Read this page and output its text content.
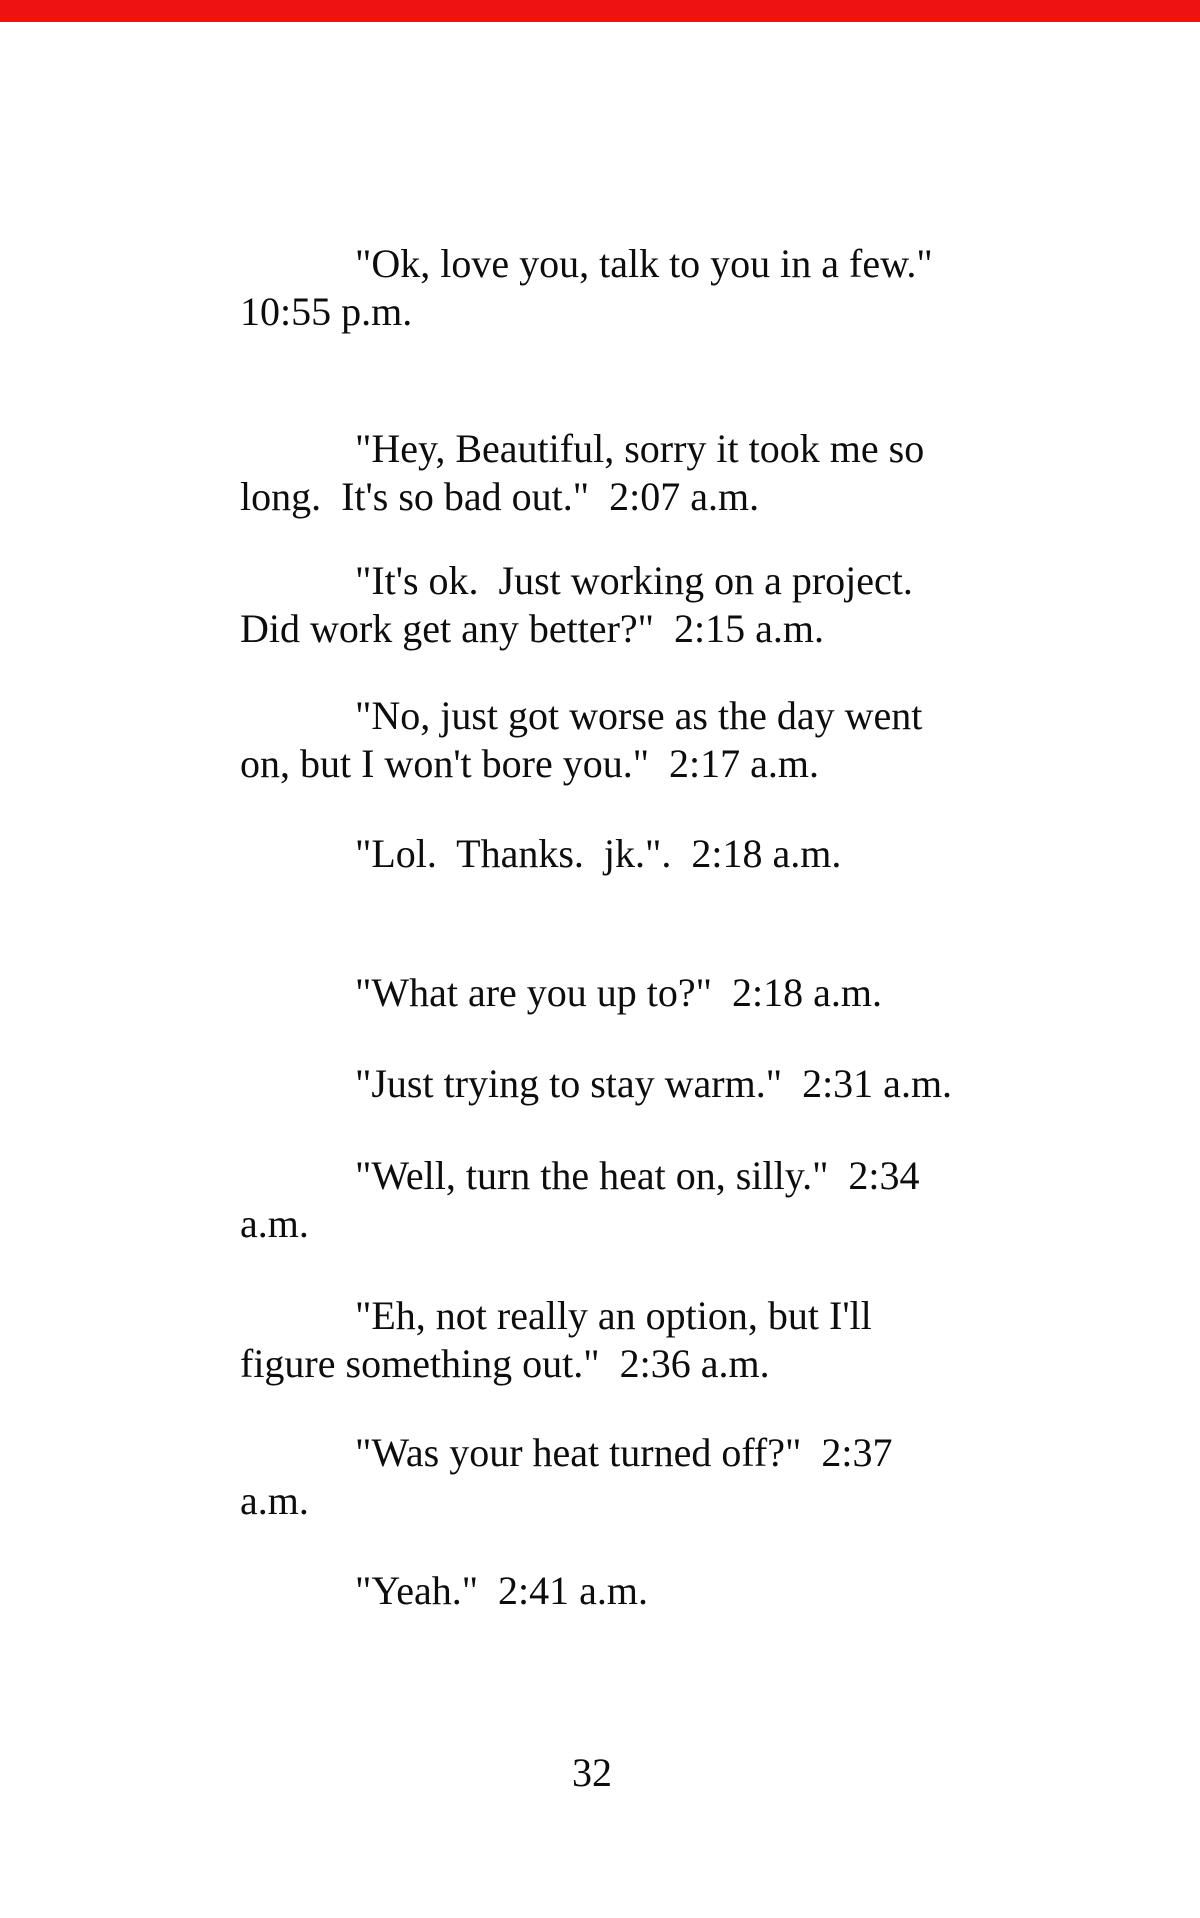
"Ok, love you, talk to you in a few."
10:55 p.m.
"Hey, Beautiful, sorry it took me so
long.  It's so bad out."  2:07 a.m.
"It's ok.  Just working on a project.
Did work get any better?"  2:15 a.m.
"No, just got worse as the day went
on, but I won't bore you."  2:17 a.m.
"Lol.  Thanks.  jk.".  2:18 a.m.
"What are you up to?"  2:18 a.m.
"Just trying to stay warm."  2:31 a.m.
"Well, turn the heat on, silly."  2:34
a.m.
"Eh, not really an option, but I'll
figure something out."  2:36 a.m.
"Was your heat turned off?"  2:37
a.m.
"Yeah."  2:41 a.m.
32
